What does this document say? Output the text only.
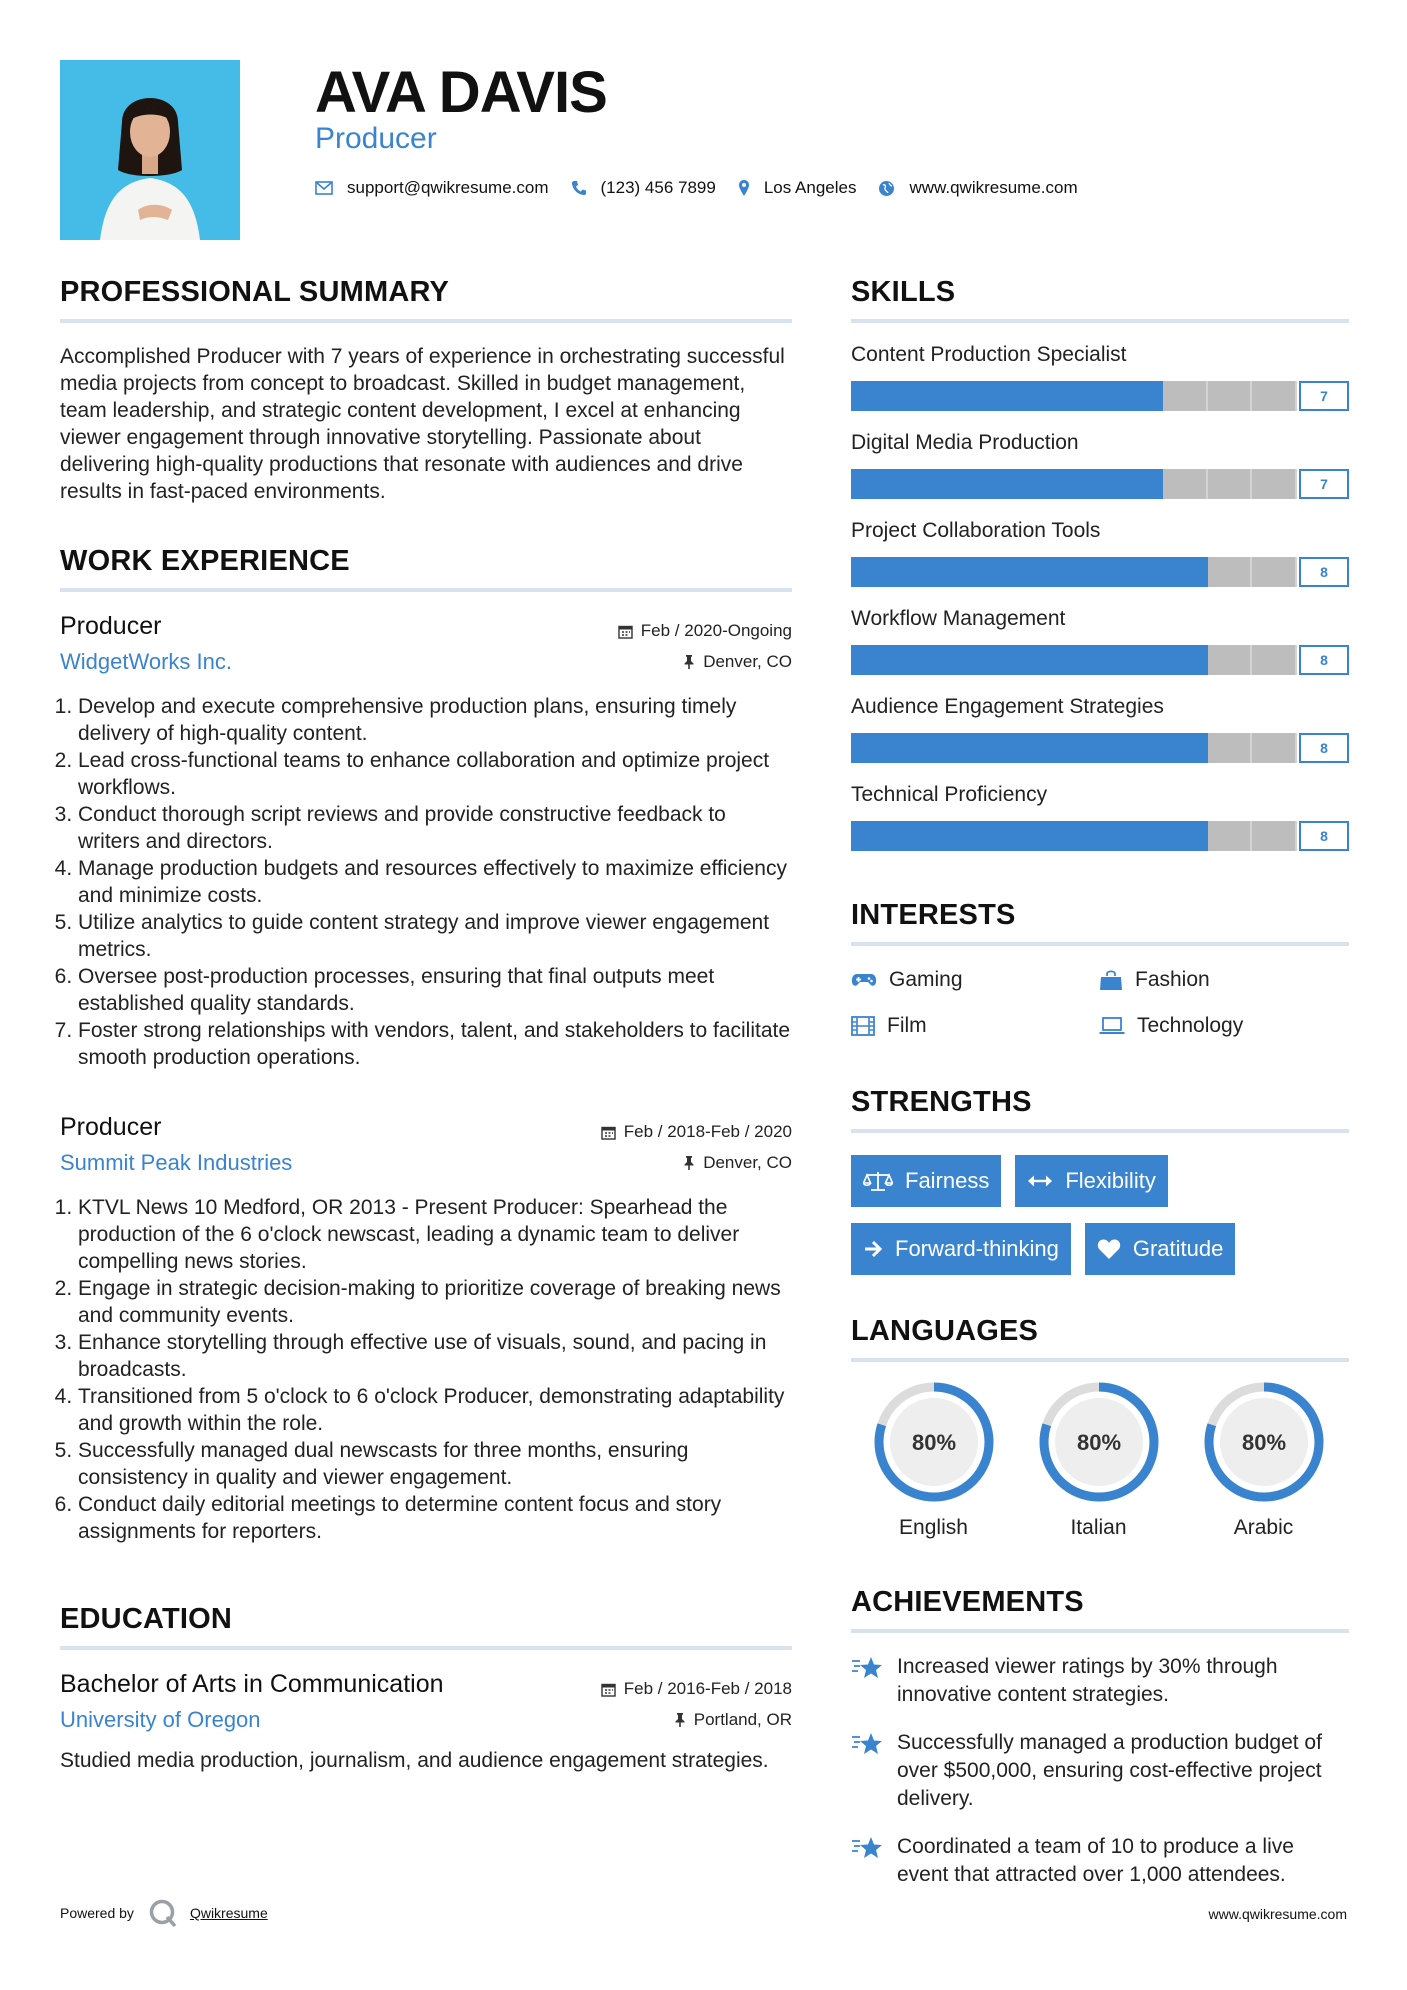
AVA DAVIS
Producer
support@qwikresume.com	(123) 456 7899	Los Angeles	www.qwikresume.com
PROFESSIONAL SUMMARY

Accomplished Producer with 7 years of experience in orchestrating successful media projects from concept to broadcast. Skilled in budget management, team leadership, and strategic content development, I excel at enhancing viewer engagement through innovative storytelling. Passionate about delivering high-quality productions that resonate with audiences and drive results in fast-paced environments.

WORK EXPERIENCE
Producer	Feb / 2020-Ongoing
WidgetWorks Inc.	Denver, CO
1. Develop and execute comprehensive production plans, ensuring timely delivery of high-quality content.
2. Lead cross-functional teams to enhance collaboration and optimize project workflows.
3. Conduct thorough script reviews and provide constructive feedback to writers and directors.
4. Manage production budgets and resources effectively to maximize efficiency and minimize costs.
5. Utilize analytics to guide content strategy and improve viewer engagement metrics.
6. Oversee post-production processes, ensuring that final outputs meet established quality standards.
7. Foster strong relationships with vendors, talent, and stakeholders to facilitate smooth production operations.
Producer	Feb / 2018-Feb / 2020
Summit Peak Industries	Denver, CO
1. KTVL News 10 Medford, OR 2013 - Present Producer: Spearhead the production of the 6 o'clock newscast, leading a dynamic team to deliver compelling news stories.
2. Engage in strategic decision-making to prioritize coverage of breaking news and community events.
3. Enhance storytelling through effective use of visuals, sound, and pacing in broadcasts.
4. Transitioned from 5 o'clock to 6 o'clock Producer, demonstrating adaptability and growth within the role.
5. Successfully managed dual newscasts for three months, ensuring consistency in quality and viewer engagement.
6. Conduct daily editorial meetings to determine content focus and story assignments for reporters.
EDUCATION
Bachelor of Arts in Communication	Feb / 2016-Feb / 2018
University of Oregon	Portland, OR

Studied media production, journalism, and audience engagement strategies.

SKILLS
Content Production Specialist
7
Digital Media Production
7
Project Collaboration Tools
8
Workflow Management
8
Audience Engagement Strategies
8
Technical Proficiency
8
INTERESTS
Gaming	Fashion
Film	Technology
STRENGTHS
Fairness	Flexibility
Forward-thinking	Gratitude
LANGUAGES
80%
English
80%
Italian
80%
Arabic
ACHIEVEMENTS
Increased viewer ratings by 30% through innovative content strategies.
Successfully managed a production budget of over $500,000, ensuring cost-effective project delivery.
Coordinated a team of 10 to produce a live event that attracted over 1,000 attendees.
Powered by	Qwikresume	www.qwikresume.com
